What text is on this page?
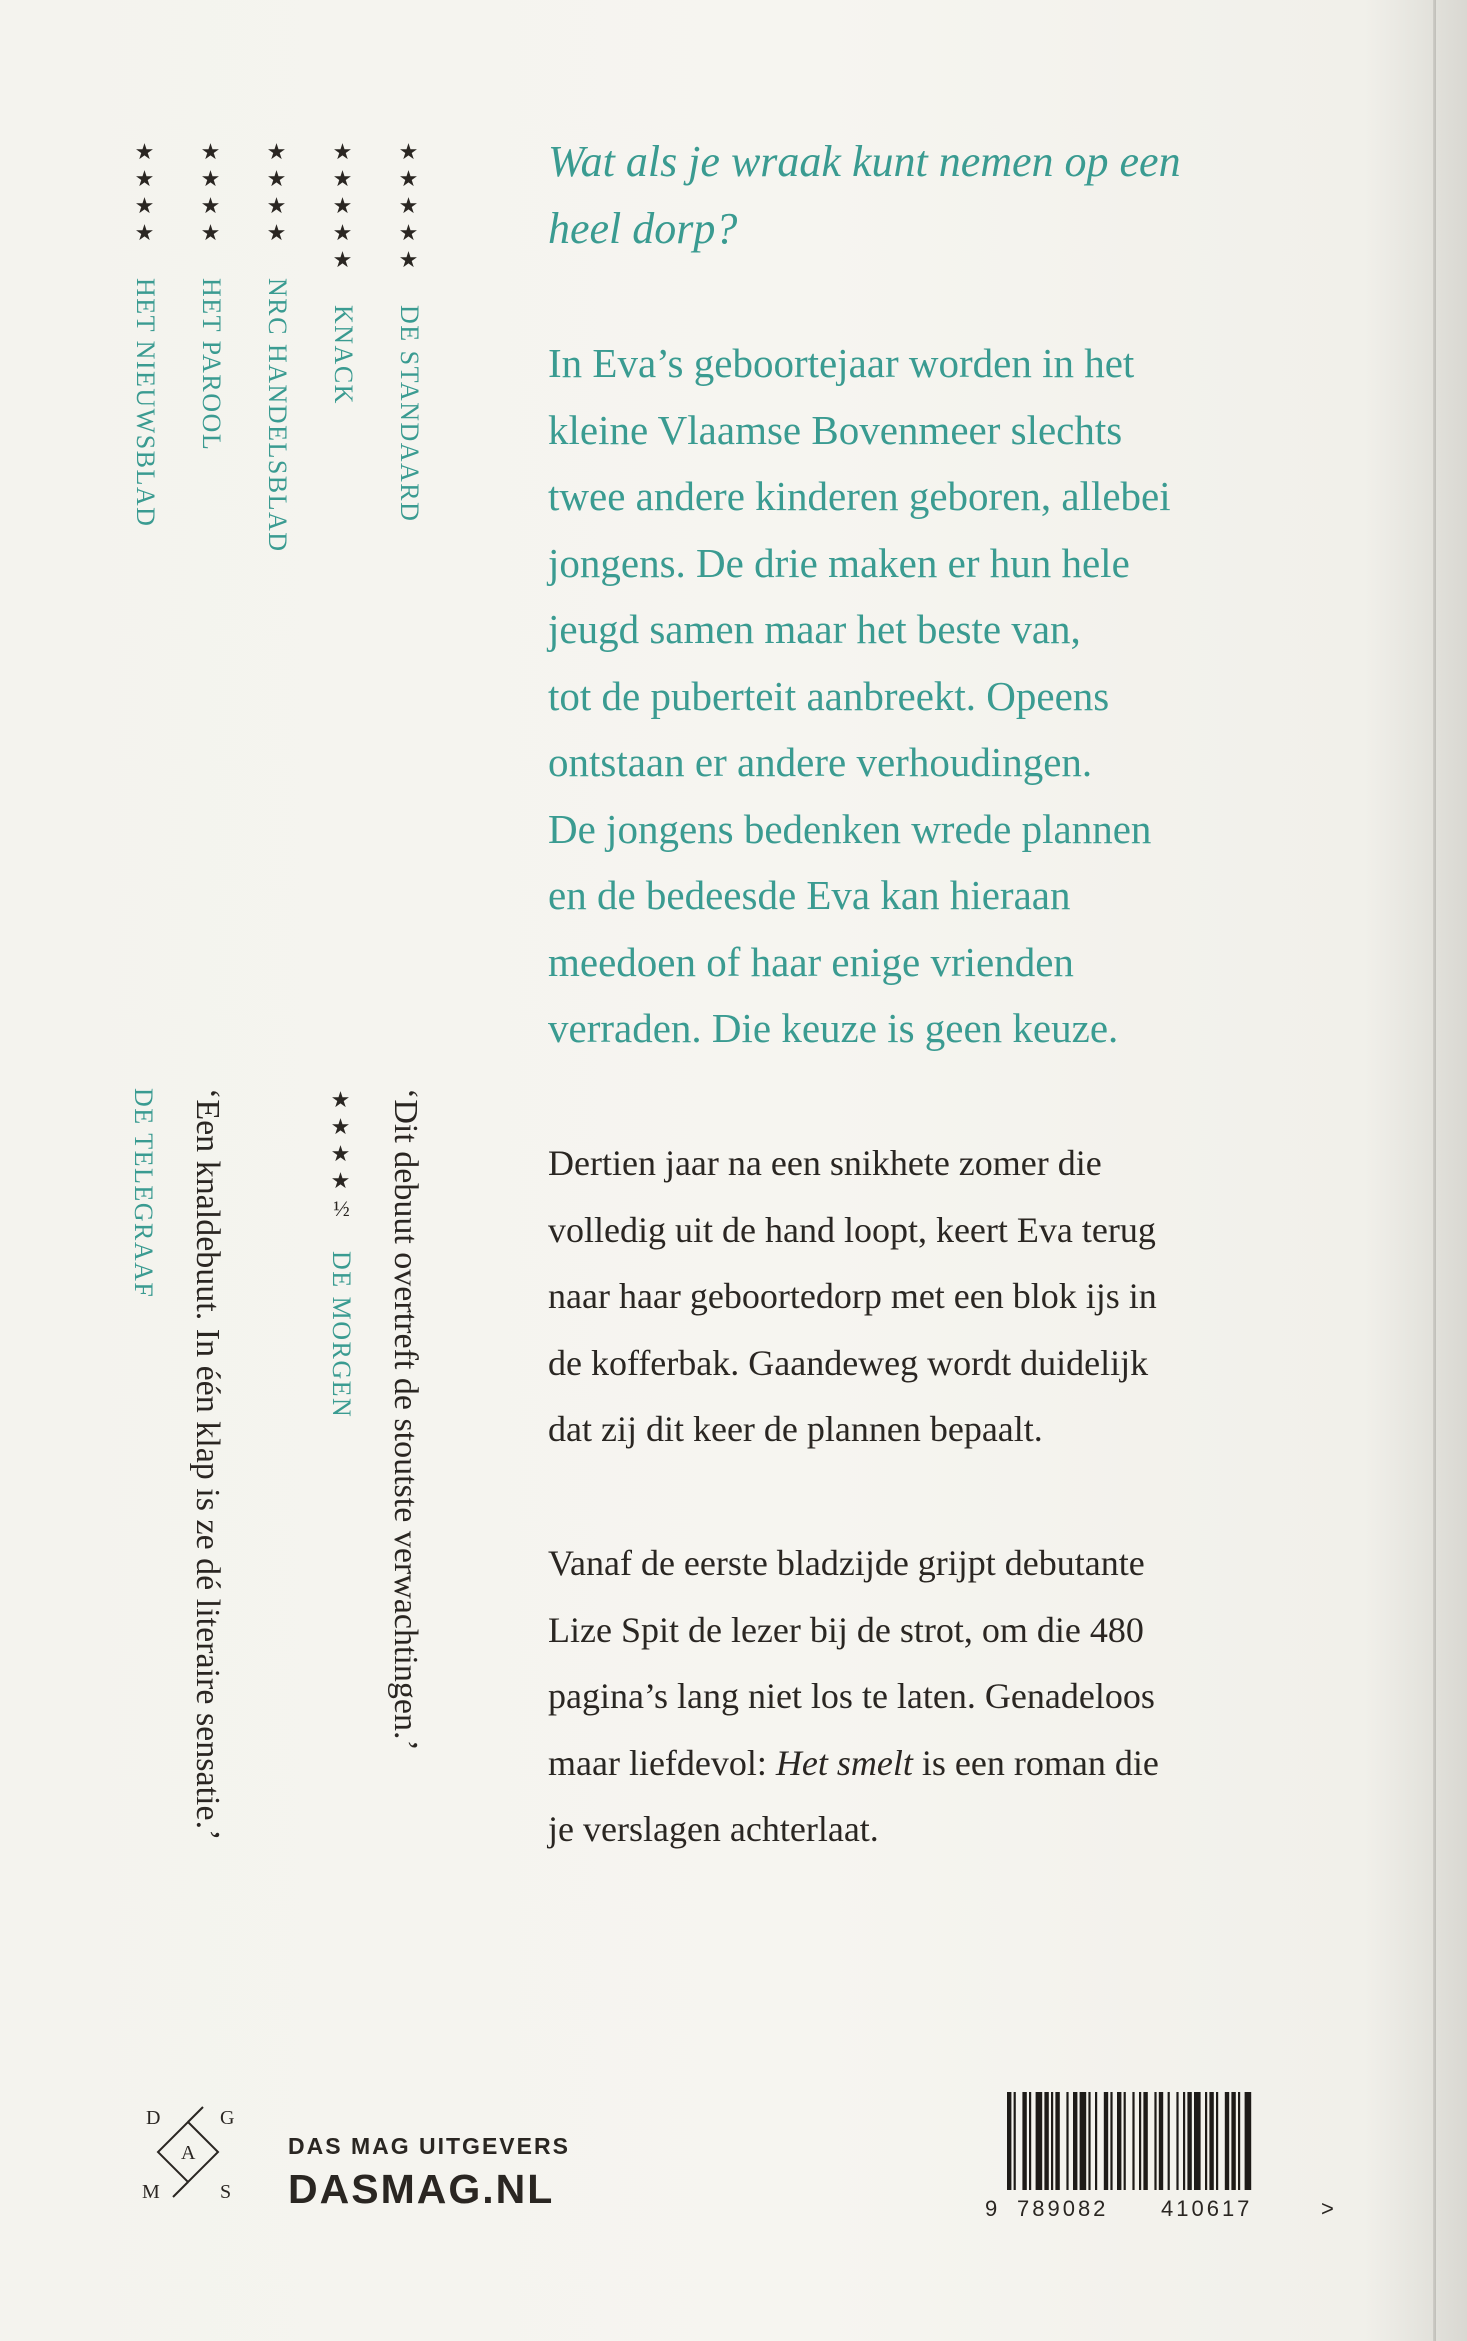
★★★★★DE STANDAARD
★★★★★KNACK
★★★★NRC HANDELSBLAD
★★★★HET PAROOL
★★★★HET NIEUWSBLAD
‘Dit debuut overtreft de stoutste verwachtingen.’
★★★★½DE MORGEN
‘Een knaldebuut. In één klap is ze dé literaire sensatie.’
DE TELEGRAAF

Wat als je wraak kunt nemen op een
heel dorp?

In Eva’s geboortejaar worden in het
kleine Vlaamse Bovenmeer slechts
twee andere kinderen geboren, allebei
jongens. De drie maken er hun hele
jeugd samen maar het beste van,
tot de puberteit aanbreekt. Opeens
ontstaan er andere verhoudingen.
De jongens bedenken wrede plannen
en de bedeesde Eva kan hieraan
meedoen of haar enige vrienden
verraden. Die keuze is geen keuze.

Dertien jaar na een snikhete zomer die
volledig uit de hand loopt, keert Eva terug
naar haar geboortedorp met een blok ijs in
de kofferbak. Gaandeweg wordt duidelijk
dat zij dit keer de plannen bepaalt.

Vanaf de eerste bladzijde grijpt debutante
Lize Spit de lezer bij de strot, om die 480
pagina’s lang niet los te laten. Genadeloos
maar liefdevol: Het smelt is een roman die
je verslagen achterlaat.

D	G
A
M	S
DAS MAG UITGEVERS
DASMAG.NL	9 789082 410617	>
